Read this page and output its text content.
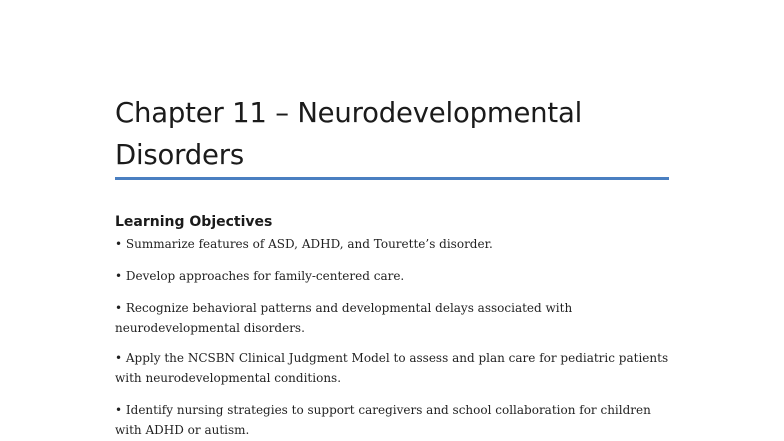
Chapter 11 – Neurodevelopmental Disorders
Learning Objectives

• Summarize features of ASD, ADHD, and Tourette’s disorder.

• Develop approaches for family-centered care.

• Recognize behavioral patterns and developmental delays associated with neurodevelopmental disorders.

• Apply the NCSBN Clinical Judgment Model to assess and plan care for pediatric patients with neurodevelopmental conditions.

• Identify nursing strategies to support caregivers and school collaboration for children with ADHD or autism.
